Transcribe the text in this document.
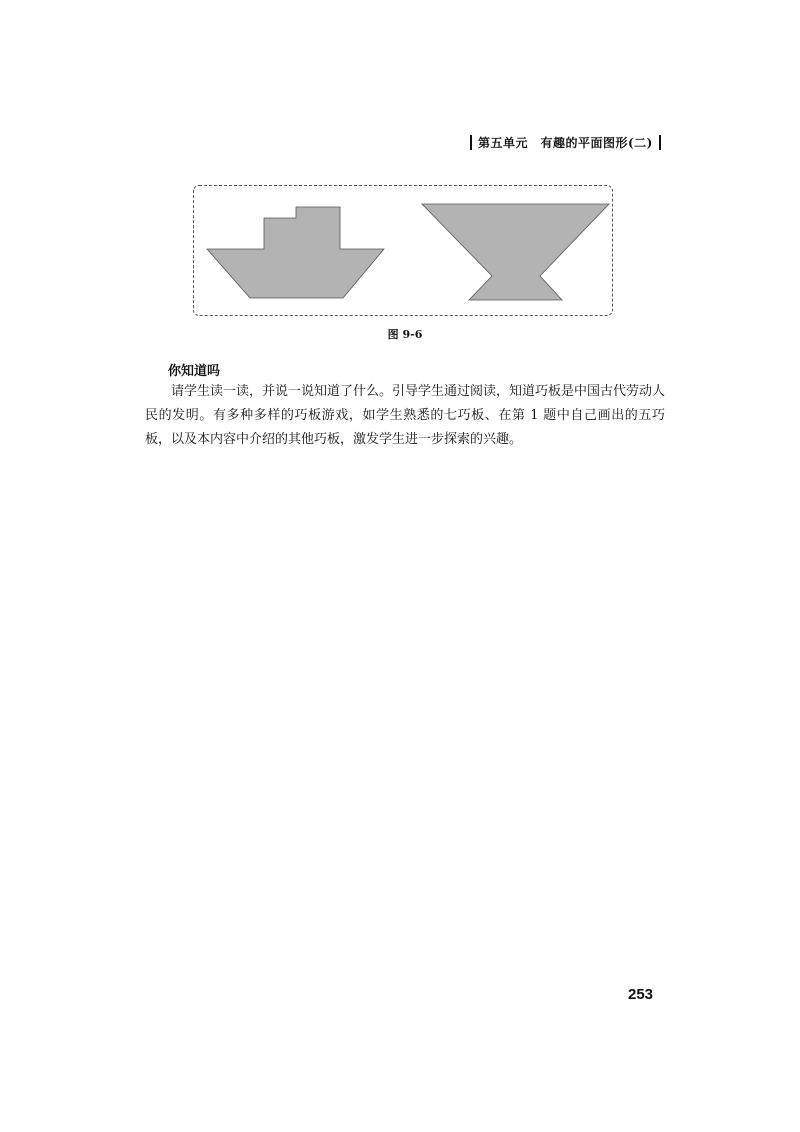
第五单元　有趣的平面图形(二)
图 9-6
你知道吗

请学生读一读，并说一说知道了什么。引导学生通过阅读，知道巧板是中国古代劳动人民的发明。有多种多样的巧板游戏，如学生熟悉的七巧板、在第 1 题中自己画出的五巧板，以及本内容中介绍的其他巧板，激发学生进一步探索的兴趣。

253
